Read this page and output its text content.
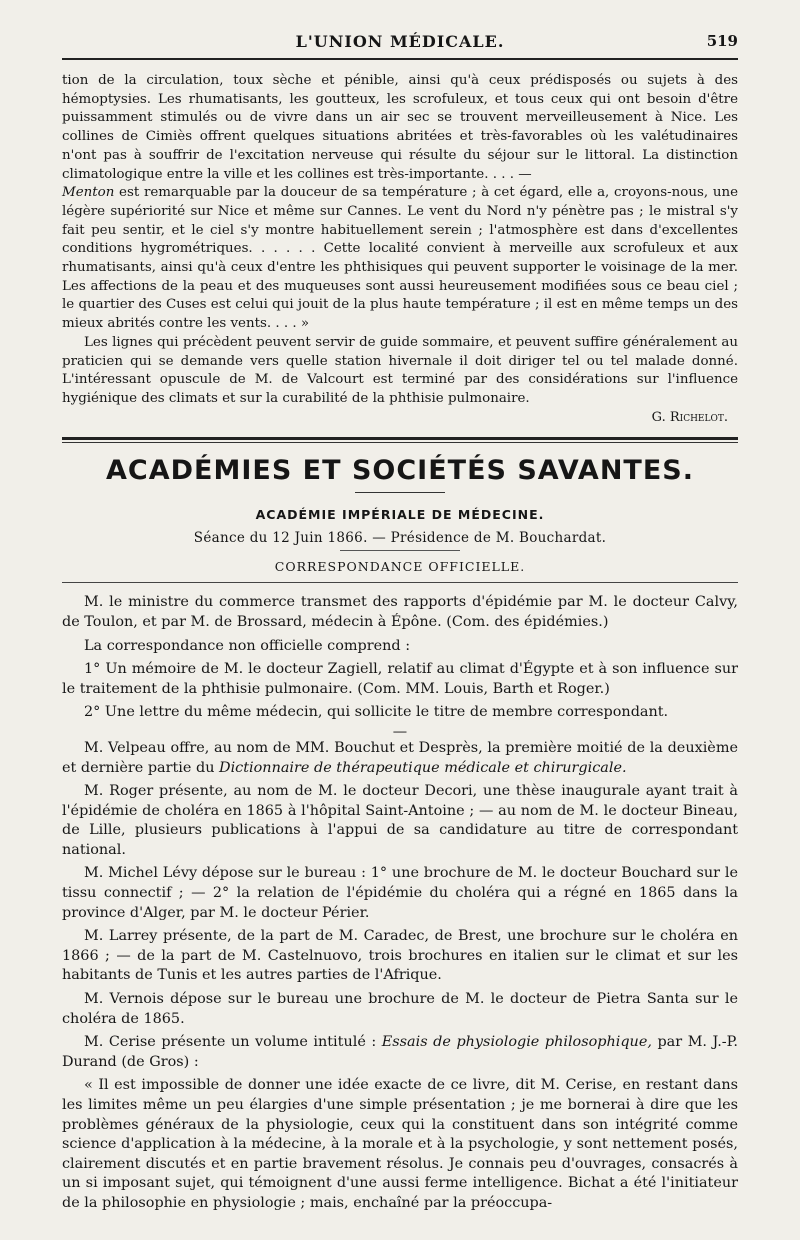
L'UNION MÉDICALE.	519

tion de la circulation, toux sèche et pénible, ainsi qu'à ceux prédisposés ou sujets à des hémoptysies. Les rhumatisants, les goutteux, les scrofuleux, et tous ceux qui ont besoin d'être puissamment stimulés ou de vivre dans un air sec se trouvent merveilleusement à Nice. Les collines de Cimiès offrent quelques situations abritées et très-favorables où les valétudinaires n'ont pas à souffrir de l'excitation nerveuse qui résulte du séjour sur le littoral. La distinction climatologique entre la ville et les collines est très-importante. . . . —

Menton est remarquable par la douceur de sa température ; à cet égard, elle a, croyons-nous, une légère supériorité sur Nice et même sur Cannes. Le vent du Nord n'y pénètre pas ; le mistral s'y fait peu sentir, et le ciel s'y montre habituellement serein ; l'atmosphère est dans d'excellentes conditions hygrométriques. . . . . . Cette localité convient à merveille aux scrofuleux et aux rhumatisants, ainsi qu'à ceux d'entre les phthisiques qui peuvent supporter le voisinage de la mer. Les affections de la peau et des muqueuses sont aussi heureusement modifiées sous ce beau ciel ; le quartier des Cuses est celui qui jouit de la plus haute température ; il est en même temps un des mieux abrités contre les vents. . . . »

Les lignes qui précèdent peuvent servir de guide sommaire, et peuvent suffire généralement au praticien qui se demande vers quelle station hivernale il doit diriger tel ou tel malade donné. L'intéressant opuscule de M. de Valcourt est terminé par des considérations sur l'influence hygiénique des climats et sur la curabilité de la phthisie pulmonaire.

G. Richelot.
ACADÉMIES ET SOCIÉTÉS SAVANTES.
ACADÉMIE IMPÉRIALE DE MÉDECINE.
Séance du 12 Juin 1866. — Présidence de M. Bouchardat.
CORRESPONDANCE OFFICIELLE.

M. le ministre du commerce transmet des rapports d'épidémie par M. le docteur Calvy, de Toulon, et par M. de Brossard, médecin à Épône. (Com. des épidémies.)

La correspondance non officielle comprend :

1° Un mémoire de M. le docteur Zagiell, relatif au climat d'Égypte et à son influence sur le traitement de la phthisie pulmonaire. (Com. MM. Louis, Barth et Roger.)

2° Une lettre du même médecin, qui sollicite le titre de membre correspondant.

—

M. Velpeau offre, au nom de MM. Bouchut et Desprès, la première moitié de la deuxième et dernière partie du Dictionnaire de thérapeutique médicale et chirurgicale.

M. Roger présente, au nom de M. le docteur Decori, une thèse inaugurale ayant trait à l'épidémie de choléra en 1865 à l'hôpital Saint-Antoine ; — au nom de M. le docteur Bineau, de Lille, plusieurs publications à l'appui de sa candidature au titre de correspondant national.

M. Michel Lévy dépose sur le bureau : 1° une brochure de M. le docteur Bouchard sur le tissu connectif ; — 2° la relation de l'épidémie du choléra qui a régné en 1865 dans la province d'Alger, par M. le docteur Périer.

M. Larrey présente, de la part de M. Caradec, de Brest, une brochure sur le choléra en 1866 ; — de la part de M. Castelnuovo, trois brochures en italien sur le climat et sur les habitants de Tunis et les autres parties de l'Afrique.

M. Vernois dépose sur le bureau une brochure de M. le docteur de Pietra Santa sur le choléra de 1865.

M. Cerise présente un volume intitulé : Essais de physiologie philosophique, par M. J.-P. Durand (de Gros) :

« Il est impossible de donner une idée exacte de ce livre, dit M. Cerise, en restant dans les limites même un peu élargies d'une simple présentation ; je me bornerai à dire que les problèmes généraux de la physiologie, ceux qui la constituent dans son intégrité comme science d'application à la médecine, à la morale et à la psychologie, y sont nettement posés, clairement discutés et en partie bravement résolus. Je connais peu d'ouvrages, consacrés à un si imposant sujet, qui témoignent d'une aussi ferme intelligence. Bichat a été l'initiateur de la philosophie en physiologie ; mais, enchaîné par la préoccupa-
